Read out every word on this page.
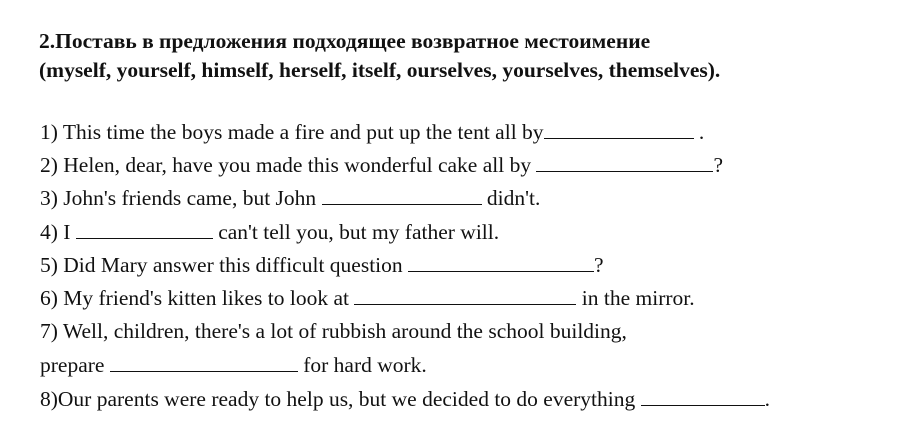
2.Поставь в предложения подходящее возвратное местоимение

(myself, yourself, himself, herself, itself, ourselves, yourselves, themselves).

1) This time the boys made a fire and put up the tent all by	.

2) Helen, dear, have you made this wonderful cake all by	?

3) John's friends came, but John	didn't.

4) I	can't tell you, but my father will.

5) Did Mary answer this difficult question	?

6) My friend's kitten likes to look at	in the mirror.

7) Well, children, there's a lot of rubbish around the school building,

prepare	for hard work.

8)Our parents were ready to help us, but we decided to do everything	.
